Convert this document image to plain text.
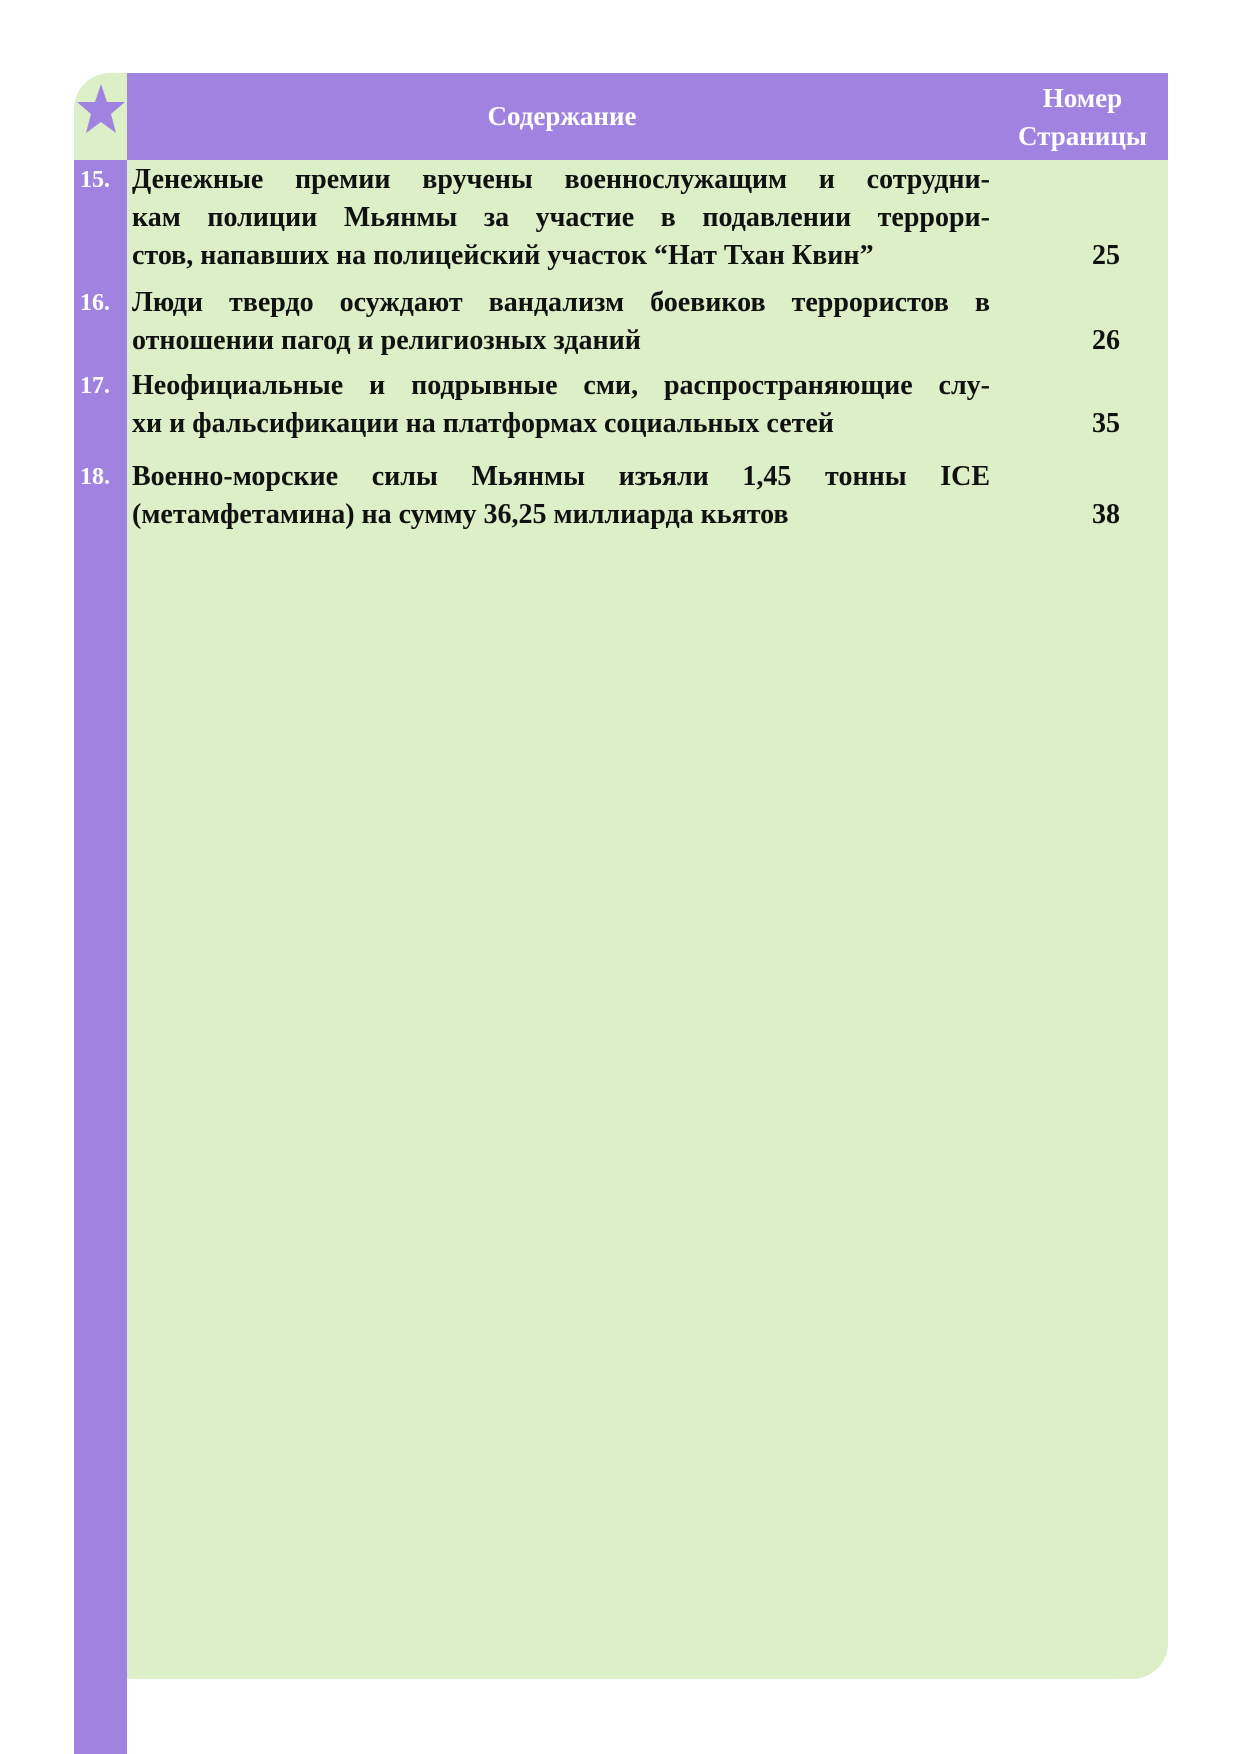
Содержание
Номер
Страницы
15. Денежные премии вручены военнослужащим и сотрудни-
кам полиции Мьянмы за участие в подавлении террори-
стов, напавших на полицейский участок “Нат Тхан Квин”	25
16. Люди твердо осуждают вандализм боевиков террористов в
отношении пагод и религиозных зданий	26
17. Неофициальные и подрывные сми, распространяющие слу-
хи и фальсификации на платформах социальных сетей	35
18. Военно-морские силы Мьянмы изъяли 1,45 тонны ICE
(метамфетамина) на сумму 36,25 миллиарда кьятов	38
